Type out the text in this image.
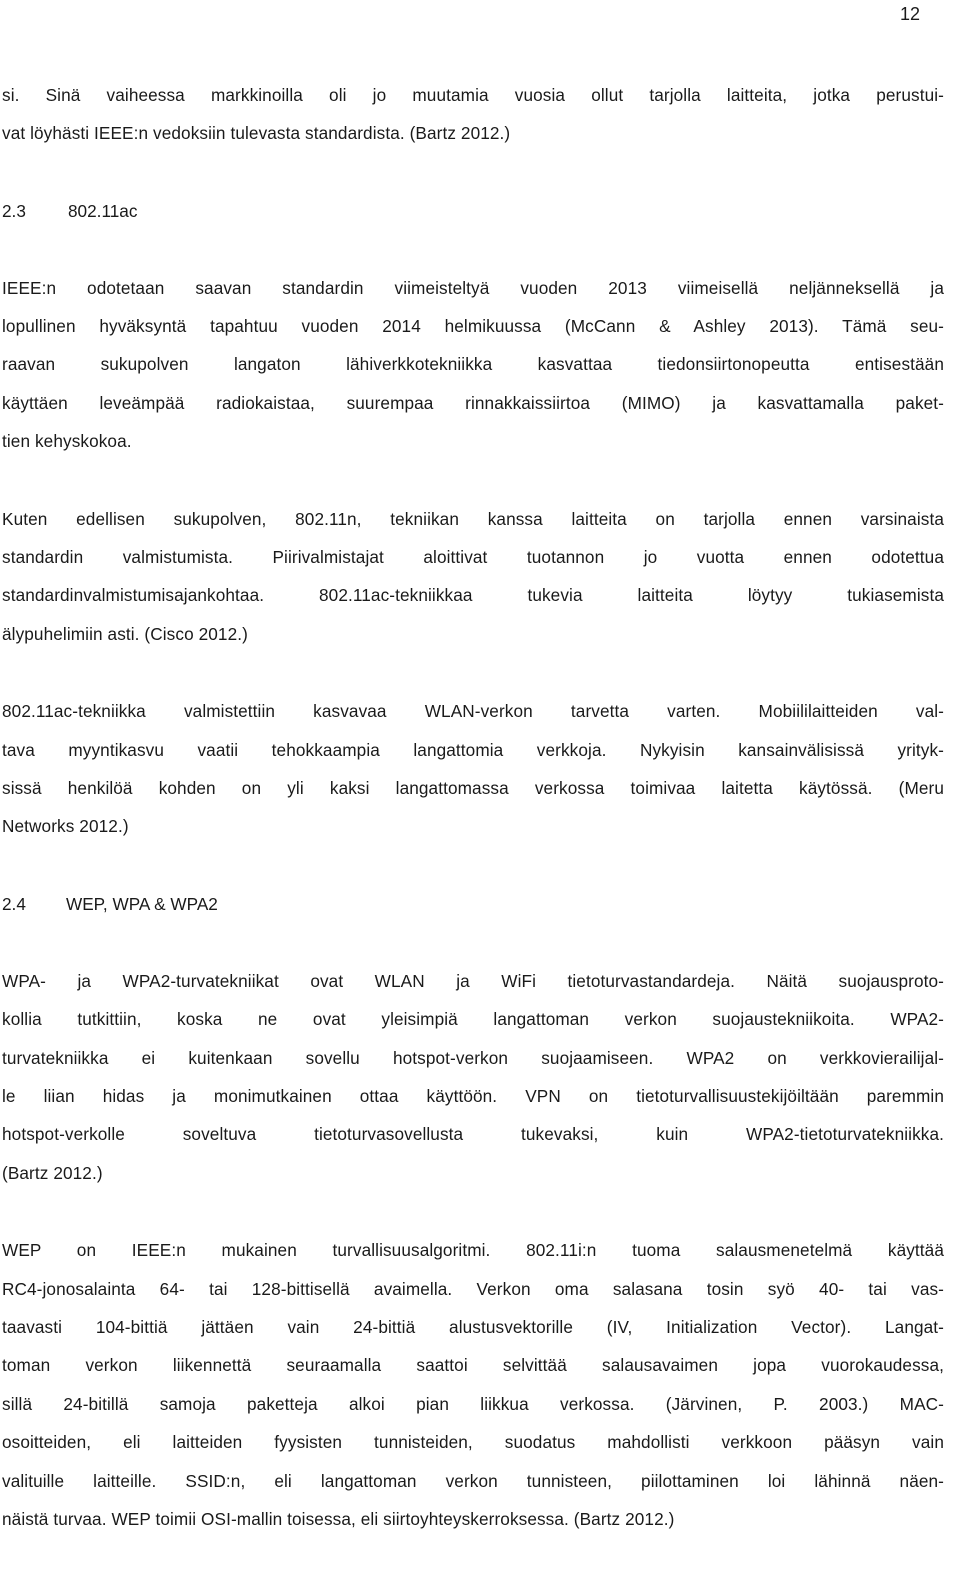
12
si. Sinä vaiheessa markkinoilla oli jo muutamia vuosia ollut tarjolla laitteita, jotka perustui-
vat löyhästi IEEE:n vedoksiin tulevasta standardista. (Bartz 2012.)
2.3	802.11ac
IEEE:n odotetaan saavan standardin viimeisteltyä vuoden 2013 viimeisellä neljänneksellä ja
lopullinen hyväksyntä tapahtuu vuoden 2014 helmikuussa (McCann & Ashley 2013). Tämä seu-
raavan sukupolven langaton lähiverkkotekniikka kasvattaa tiedonsiirtonopeutta entisestään
käyttäen leveämpää radiokaistaa, suurempaa rinnakkaissiirtoa (MIMO) ja kasvattamalla paket-
tien kehyskokoa.
Kuten edellisen sukupolven, 802.11n, tekniikan kanssa laitteita on tarjolla ennen varsinaista
standardin valmistumista. Piirivalmistajat aloittivat tuotannon jo vuotta ennen odotettua
standardinvalmistumisajankohtaa. 802.11ac-tekniikkaa tukevia laitteita löytyy tukiasemista
älypuhelimiin asti. (Cisco 2012.)
802.11ac-tekniikka valmistettiin kasvavaa WLAN-verkon tarvetta varten. Mobiililaitteiden val-
tava myyntikasvu vaatii tehokkaampia langattomia verkkoja. Nykyisin kansainvälisissä yrityk-
sissä henkilöä kohden on yli kaksi langattomassa verkossa toimivaa laitetta käytössä. (Meru
Networks 2012.)
2.4	WEP, WPA & WPA2
WPA- ja WPA2-turvatekniikat ovat WLAN ja WiFi tietoturvastandardeja. Näitä suojausproto-
kollia tutkittiin, koska ne ovat yleisimpiä langattoman verkon suojaustekniikoita. WPA2-
turvatekniikka ei kuitenkaan sovellu hotspot-verkon suojaamiseen. WPA2 on verkkovierailijal-
le liian hidas ja monimutkainen ottaa käyttöön. VPN on tietoturvallisuustekijöiltään paremmin
hotspot-verkolle soveltuva tietoturvasovellusta tukevaksi, kuin WPA2-tietoturvatekniikka.
(Bartz 2012.)
WEP on IEEE:n mukainen turvallisuusalgoritmi. 802.11i:n tuoma salausmenetelmä käyttää
RC4-jonosalainta 64- tai 128-bittisellä avaimella. Verkon oma salasana tosin syö 40- tai vas-
taavasti 104-bittiä jättäen vain 24-bittiä alustusvektorille (IV, Initialization Vector). Langat-
toman verkon liikennettä seuraamalla saattoi selvittää salausavaimen jopa vuorokaudessa,
sillä 24-bitillä samoja paketteja alkoi pian liikkua verkossa. (Järvinen, P. 2003.) MAC-
osoitteiden, eli laitteiden fyysisten tunnisteiden, suodatus mahdollisti verkkoon pääsyn vain
valituille laitteille. SSID:n, eli langattoman verkon tunnisteen, piilottaminen loi lähinnä näen-
näistä turvaa. WEP toimii OSI-mallin toisessa, eli siirtoyhteyskerroksessa. (Bartz 2012.)
